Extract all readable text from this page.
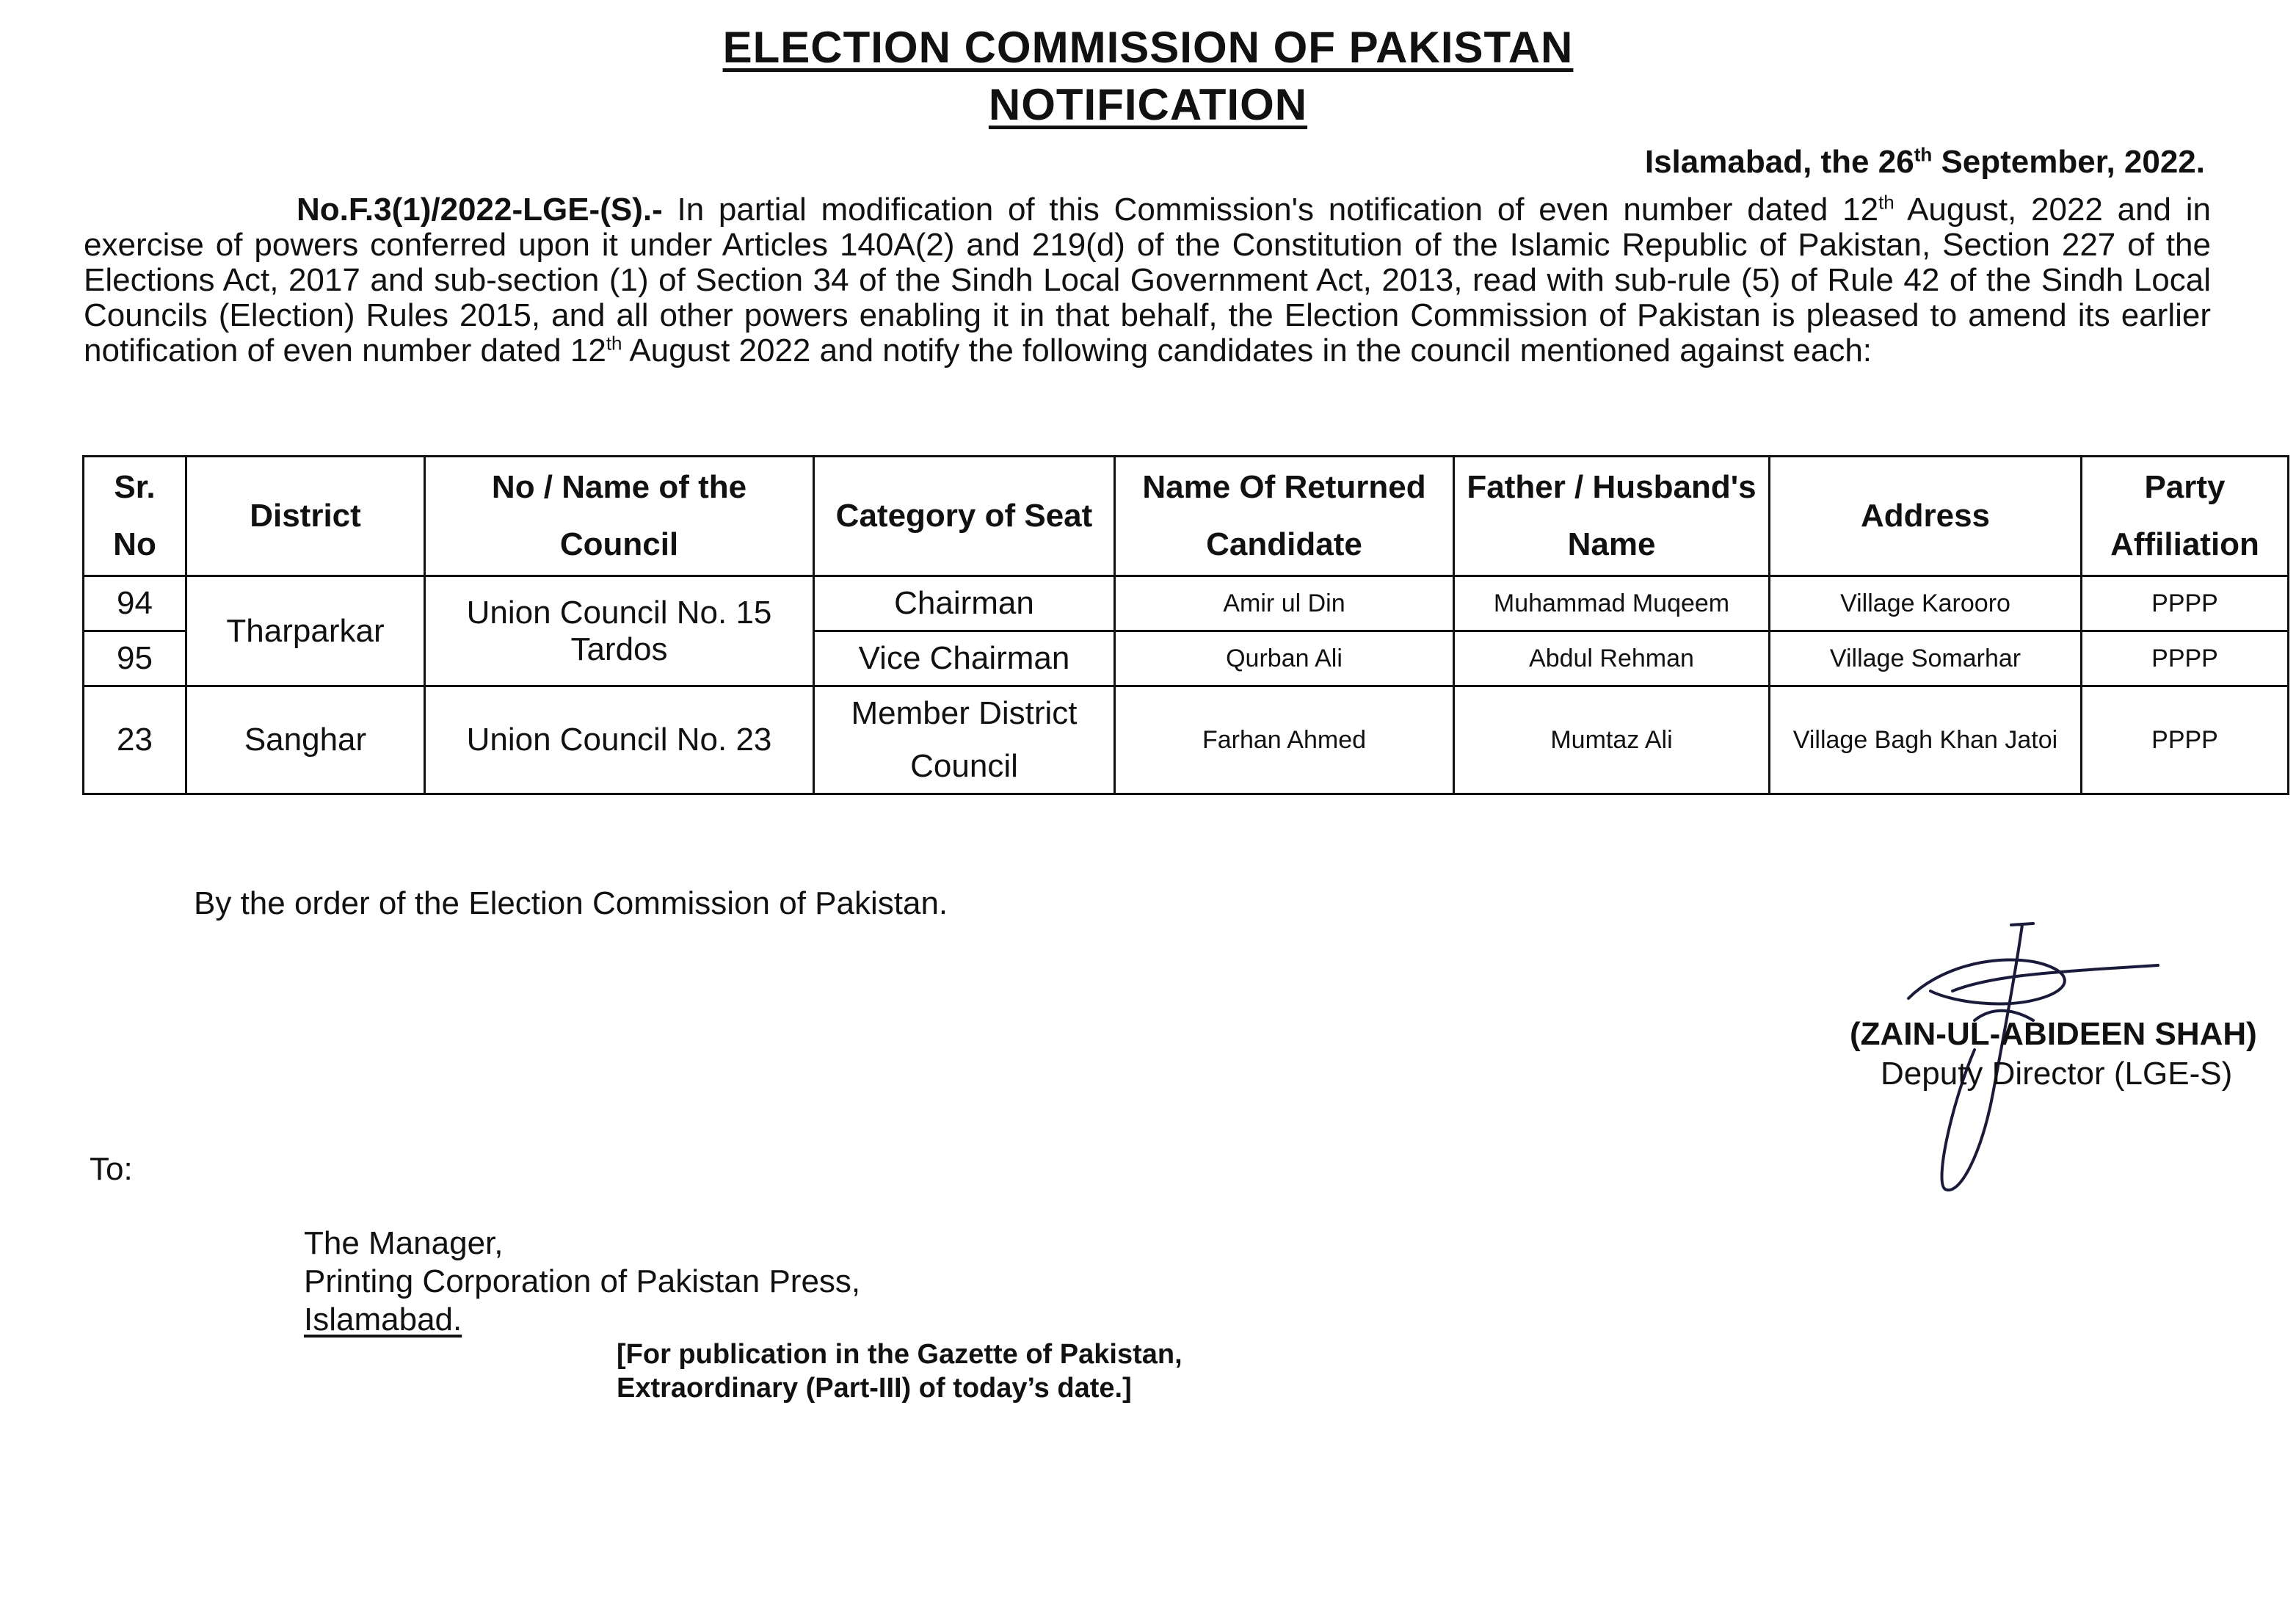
ELECTION COMMISSION OF PAKISTAN
NOTIFICATION
Islamabad, the 26th September, 2022.
No.F.3(1)/2022-LGE-(S).- In partial modification of this Commission's notification of even number dated 12th August, 2022 and in exercise of powers conferred upon it under Articles 140A(2) and 219(d) of the Constitution of the Islamic Republic of Pakistan, Section 227 of the Elections Act, 2017 and sub-section (1) of Section 34 of the Sindh Local Government Act, 2013, read with sub-rule (5) of Rule 42 of the Sindh Local Councils (Election) Rules 2015, and all other powers enabling it in that behalf, the Election Commission of Pakistan is pleased to amend its earlier notification of even number dated 12th August 2022 and notify the following candidates in the council mentioned against each:
Sr. No	District	No / Name of the Council	Category of Seat	Name Of Returned Candidate	Father / Husband's Name	Address	Party Affiliation
94	Tharparkar	Union Council No. 15 Tardos	Chairman	Amir ul Din	Muhammad Muqeem	Village Karooro	PPPP
95			Vice Chairman	Qurban Ali	Abdul Rehman	Village Somarhar	PPPP
23	Sanghar	Union Council No. 23	Member District Council	Farhan Ahmed	Mumtaz Ali	Village Bagh Khan Jatoi	PPPP
By the order of the Election Commission of Pakistan.
(ZAIN-UL-ABIDEEN SHAH)
Deputy Director (LGE-S)
To:
The Manager,
Printing Corporation of Pakistan Press,
Islamabad.
[For publication in the Gazette of Pakistan,
Extraordinary (Part-III) of today’s date.]
